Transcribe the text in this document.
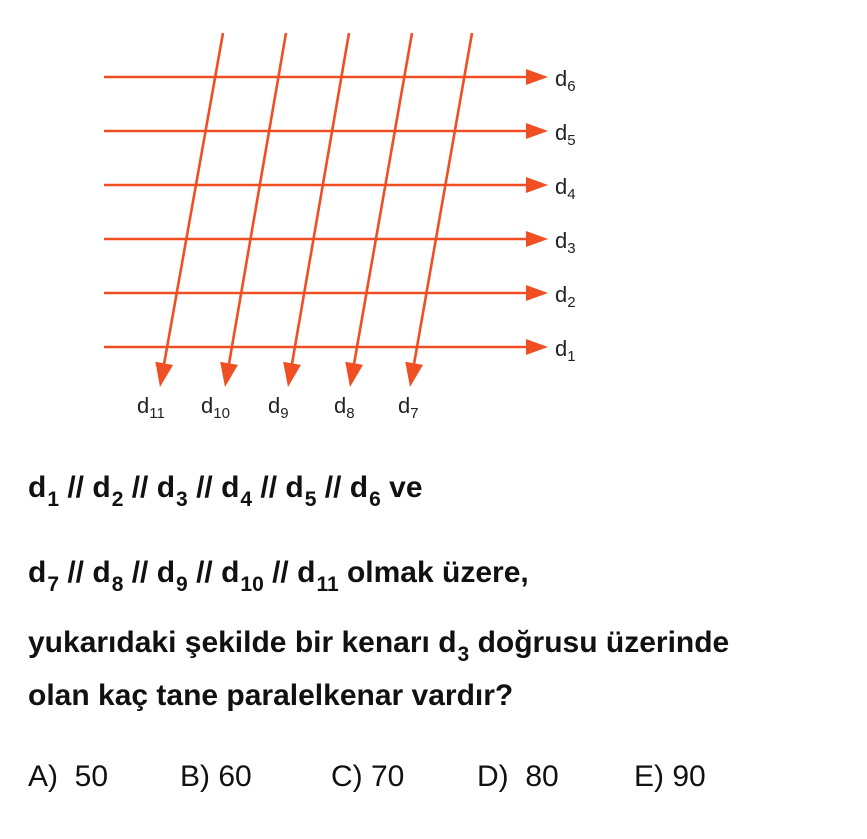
$d_6$
$d_5$
$d_4$
$d_3$
$d_2$
$d_1$
$d_{11}$ $d_{10}$ $d_9$ $d_8$ $d_7$
$d_1 // d_2 // d_3 // d_4 // d_5 // d_6$ ve
$d_7 // d_8 // d_9 // d_{10} // d_{11}$ olmak üzere,
yukarıdaki şekilde bir kenarı $d_3$ doğrusu üzerinde
olan kaç tane paralelkenar vardır?
A) 50 B) 60	C) 70 D) 80	E) 90
